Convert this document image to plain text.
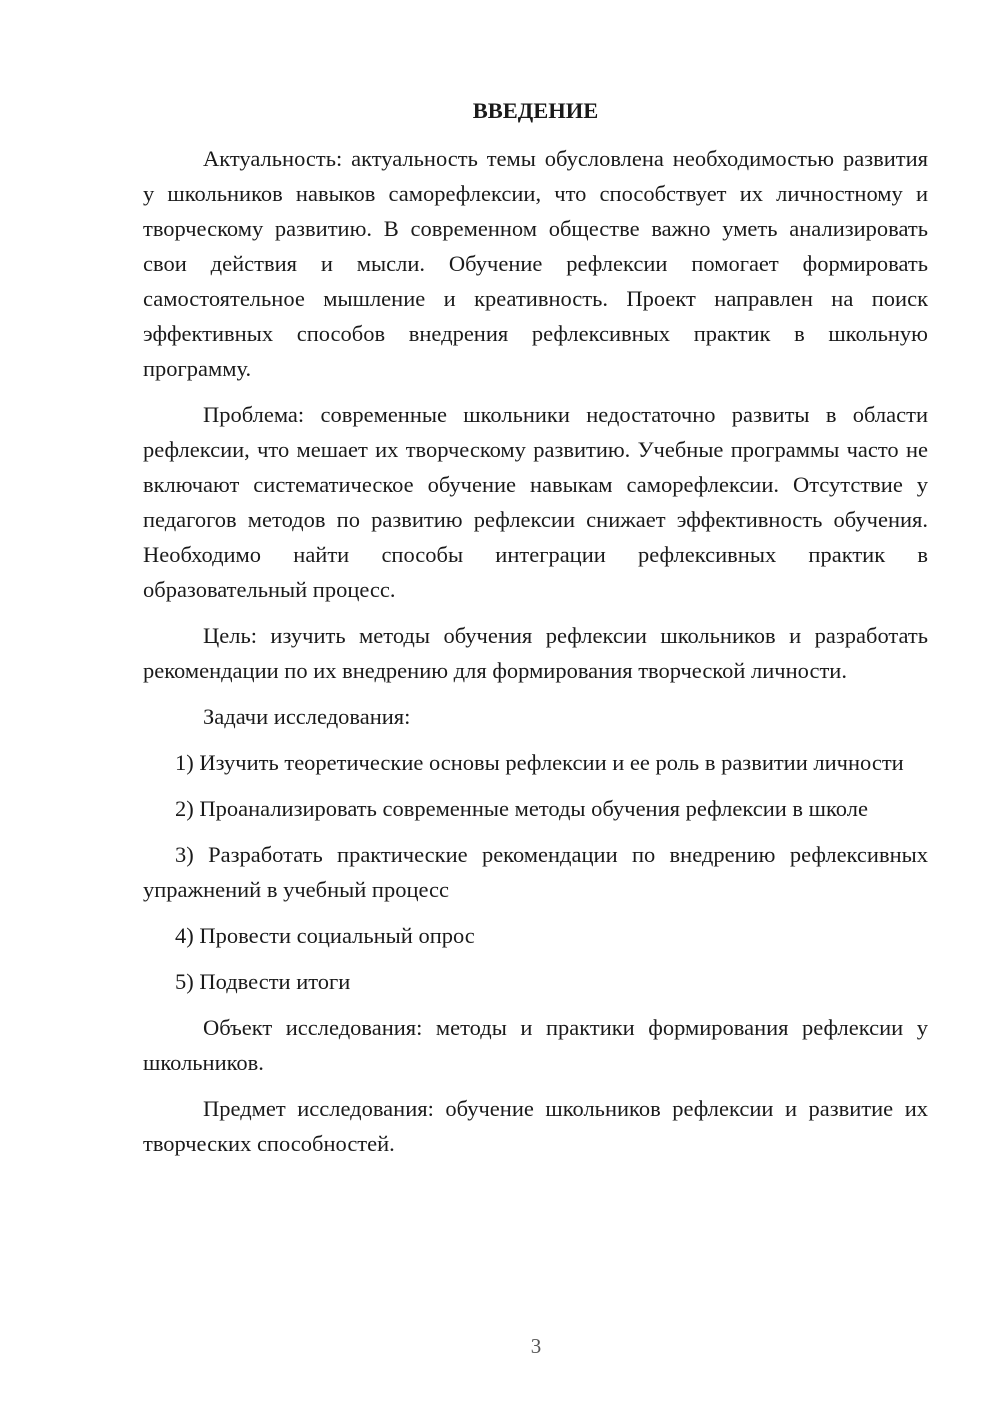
ВВЕДЕНИЕ

Актуальность: актуальность темы обусловлена необходимостью развития у школьников навыков саморефлексии, что способствует их личностному и творческому развитию. В современном обществе важно уметь анализировать свои действия и мысли. Обучение рефлексии помогает формировать самостоятельное мышление и креативность. Проект направлен на поиск эффективных способов внедрения рефлексивных практик в школьную программу.

Проблема: современные школьники недостаточно развиты в области рефлексии, что мешает их творческому развитию. Учебные программы часто не включают систематическое обучение навыкам саморефлексии. Отсутствие у педагогов методов по развитию рефлексии снижает эффективность обучения. Необходимо найти способы интеграции рефлексивных практик в образовательный процесс.

Цель: изучить методы обучения рефлексии школьников и разработать рекомендации по их внедрению для формирования творческой личности.

Задачи исследования:

1) Изучить теоретические основы рефлексии и ее роль в развитии личности

2) Проанализировать современные методы обучения рефлексии в школе

3) Разработать практические рекомендации по внедрению рефлексивных упражнений в учебный процесс

4) Провести социальный опрос

5) Подвести итоги

Объект исследования: методы и практики формирования рефлексии у школьников.

Предмет исследования: обучение школьников рефлексии и развитие их творческих способностей.

3
